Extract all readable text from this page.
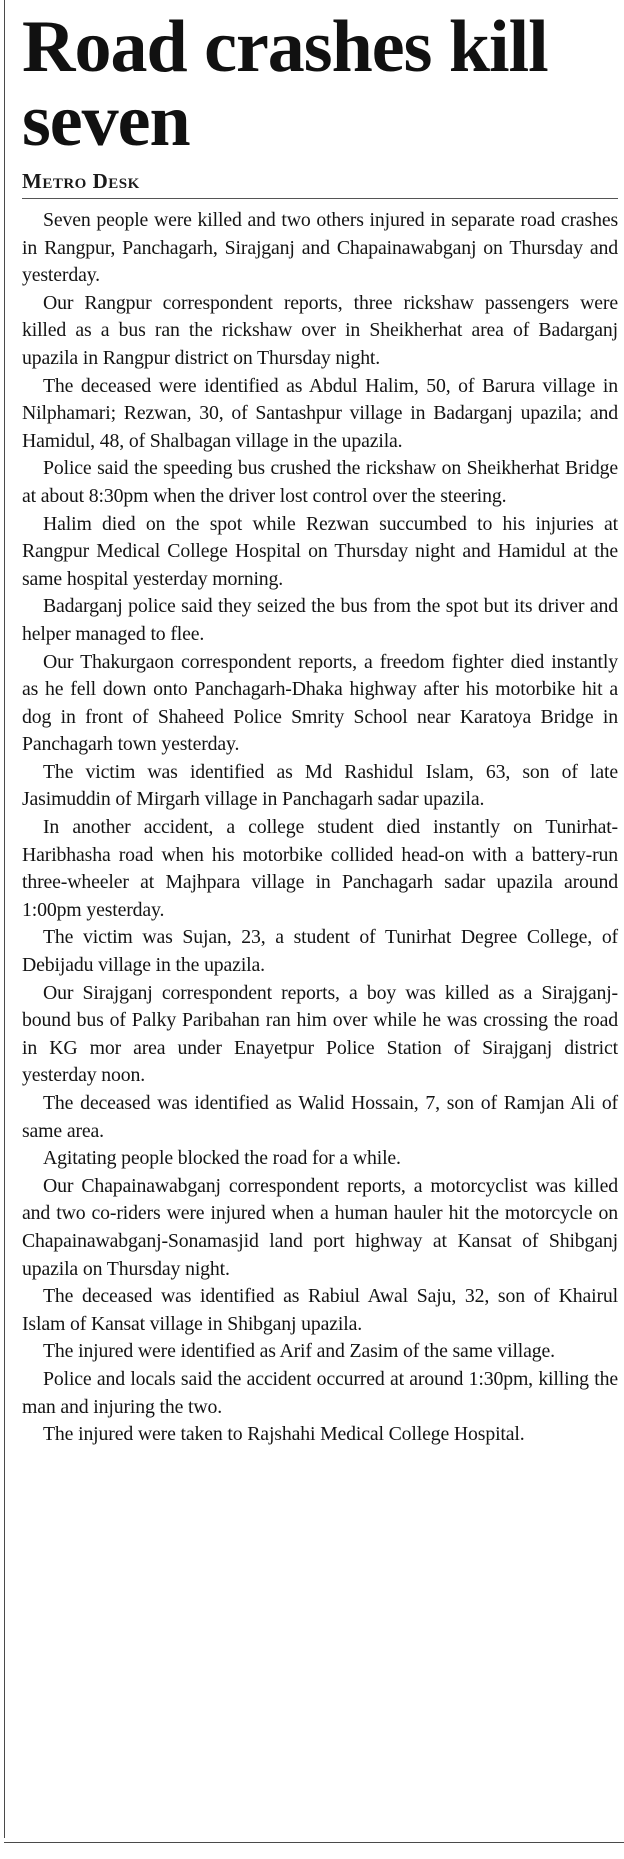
Road crashes kill seven
Metro Desk

Seven people were killed and two others injured in separate road crashes in Rangpur, Panchagarh, Sirajganj and Chapainawabganj on Thursday and yesterday.

Our Rangpur correspondent reports, three rickshaw passengers were killed as a bus ran the rickshaw over in Sheikherhat area of Badarganj upazila in Rangpur district on Thursday night.

The deceased were identified as Abdul Halim, 50, of Barura village in Nilphamari; Rezwan, 30, of Santashpur village in Badarganj upazila; and Hamidul, 48, of Shalbagan village in the upazila.

Police said the speeding bus crushed the rickshaw on Sheikherhat Bridge at about 8:30pm when the driver lost control over the steering.

Halim died on the spot while Rezwan succumbed to his injuries at Rangpur Medical College Hospital on Thursday night and Hamidul at the same hospital yesterday morning.

Badarganj police said they seized the bus from the spot but its driver and helper managed to flee.

Our Thakurgaon correspondent reports, a freedom fighter died instantly as he fell down onto Panchagarh-Dhaka highway after his motorbike hit a dog in front of Shaheed Police Smrity School near Karatoya Bridge in Panchagarh town yesterday.

The victim was identified as Md Rashidul Islam, 63, son of late Jasimuddin of Mirgarh village in Panchagarh sadar upazila.

In another accident, a college student died instantly on Tunirhat-Haribhasha road when his motorbike collided head-on with a battery-run three-wheeler at Majhpara village in Panchagarh sadar upazila around 1:00pm yesterday.

The victim was Sujan, 23, a student of Tunirhat Degree College, of Debijadu village in the upazila.

Our Sirajganj correspondent reports, a boy was killed as a Sirajganj-bound bus of Palky Paribahan ran him over while he was crossing the road in KG mor area under Enayetpur Police Station of Sirajganj district yesterday noon.

The deceased was identified as Walid Hossain, 7, son of Ramjan Ali of same area.

Agitating people blocked the road for a while.

Our Chapainawabganj correspondent reports, a motorcyclist was killed and two co-riders were injured when a human hauler hit the motorcycle on Chapainawabganj-Sonamasjid land port highway at Kansat of Shibganj upazila on Thursday night.

The deceased was identified as Rabiul Awal Saju, 32, son of Khairul Islam of Kansat village in Shibganj upazila.

The injured were identified as Arif and Zasim of the same village.

Police and locals said the accident occurred at around 1:30pm, killing the man and injuring the two.

The injured were taken to Rajshahi Medical College Hospital.
